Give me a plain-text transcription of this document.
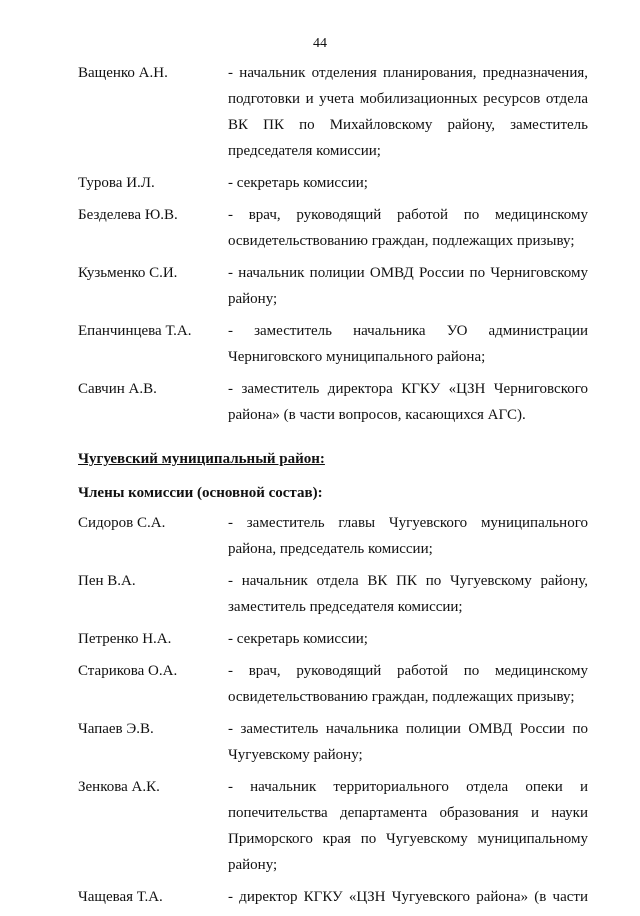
44
Ващенко А.Н.	- начальник отделения планирования, предназначения, подготовки и учета мобилизационных ресурсов отдела ВК ПК по Михайловскому району, заместитель председателя комиссии;
Турова И.Л.	- секретарь комиссии;
Безделева Ю.В.	- врач, руководящий работой по медицинскому освидетельствованию граждан, подлежащих призыву;
Кузьменко С.И.	- начальник полиции ОМВД России по Черниговскому району;
Епанчинцева Т.А.	- заместитель начальника УО администрации Черниговского муниципального района;
Савчин А.В.	- заместитель директора КГКУ «ЦЗН Черниговского района» (в части вопросов, касающихся АГС).
Чугуевский муниципальный район:
Члены комиссии (основной состав):
Сидоров С.А.	- заместитель главы Чугуевского муниципального района, председатель комиссии;
Пен В.А.	- начальник отдела ВК ПК по Чугуевскому району, заместитель председателя комиссии;
Петренко Н.А.	- секретарь комиссии;
Старикова О.А.	- врач, руководящий работой по медицинскому освидетельствованию граждан, подлежащих призыву;
Чапаев Э.В.	- заместитель начальника полиции ОМВД России по Чугуевскому району;
Зенкова А.К.	- начальник территориального отдела опеки и попечительства департамента образования и науки Приморского края по Чугуевскому муниципальному району;
Чащевая Т.А.	- директор КГКУ «ЦЗН Чугуевского района» (в части
